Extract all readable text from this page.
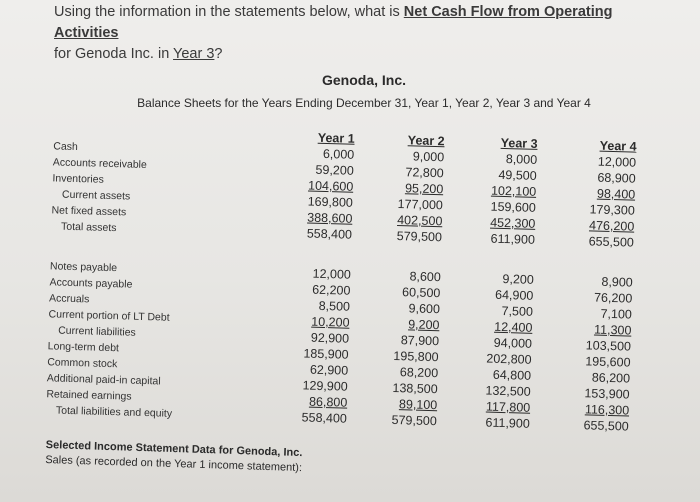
Using the information in the statements below, what is Net Cash Flow from Operating Activities
for Genoda Inc. in Year 3?
Genoda, Inc.
Balance Sheets for the Years Ending December 31, Year 1, Year 2, Year 3 and Year 4
Cash
Accounts receivable
Inventories
Current assets
Net fixed assets
Total assets
Notes payable
Accounts payable
Accruals
Current portion of LT Debt
Current liabilities
Long-term debt
Common stock
Additional paid-in capital
Retained earnings
Total liabilities and equity
Year 1
6,000
59,200
104,600
169,800
388,600
558,400
12,000
62,200
8,500
10,200
92,900
185,900
62,900
129,900
86,800
558,400
Year 2
9,000
72,800
95,200
177,000
402,500
579,500
8,600
60,500
9,600
9,200
87,900
195,800
68,200
138,500
89,100
579,500
Year 3
8,000
49,500
102,100
159,600
452,300
611,900
9,200
64,900
7,500
12,400
94,000
202,800
64,800
132,500
117,800
611,900
Year 4
12,000
68,900
98,400
179,300
476,200
655,500
8,900
76,200
7,100
11,300
103,500
195,600
86,200
153,900
116,300
655,500
Selected Income Statement Data for Genoda, Inc.
Sales (as recorded on the Year 1 income statement):
